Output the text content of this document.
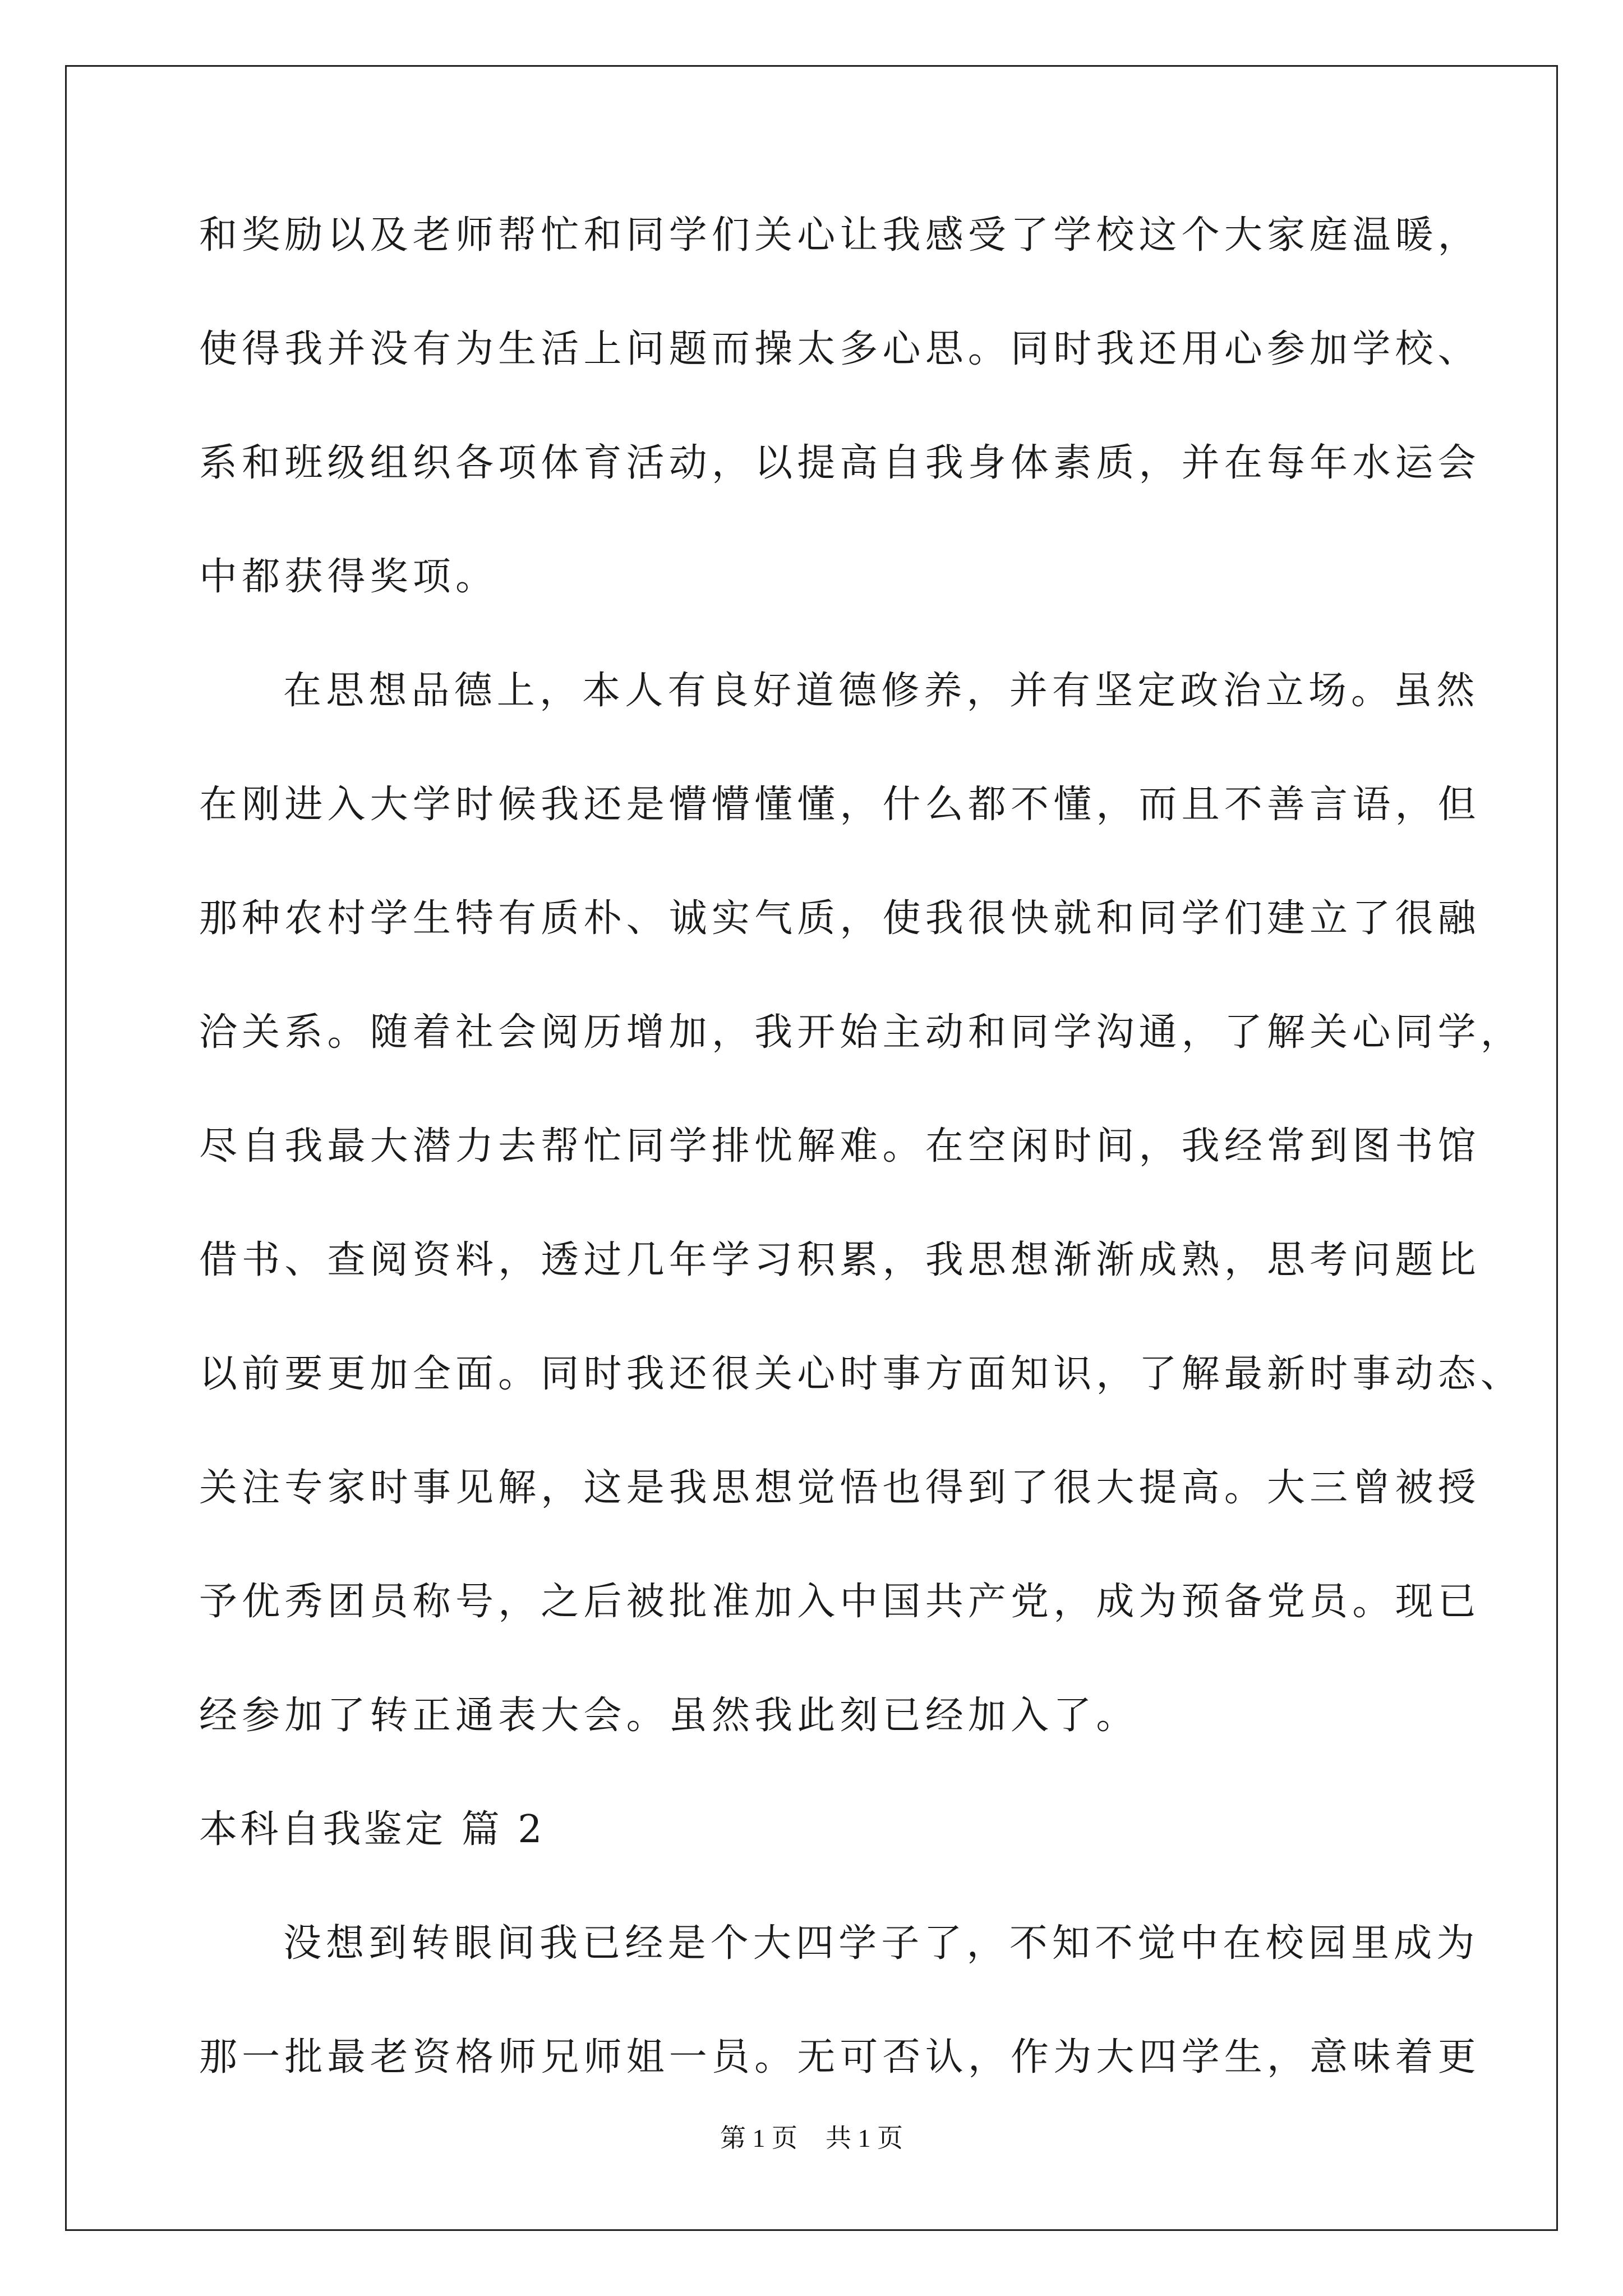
和奖励以及老师帮忙和同学们关心让我感受了学校这个大家庭温暖，
使得我并没有为生活上问题而操太多心思。同时我还用心参加学校、
系和班级组织各项体育活动，以提高自我身体素质，并在每年水运会
中都获得奖项。
在思想品德上，本人有良好道德修养，并有坚定政治立场。虽然
在刚进入大学时候我还是懵懵懂懂，什么都不懂，而且不善言语，但
那种农村学生特有质朴、诚实气质，使我很快就和同学们建立了很融
洽关系。随着社会阅历增加，我开始主动和同学沟通，了解关心同学，
尽自我最大潜力去帮忙同学排忧解难。在空闲时间，我经常到图书馆
借书、查阅资料，透过几年学习积累，我思想渐渐成熟，思考问题比
以前要更加全面。同时我还很关心时事方面知识，了解最新时事动态、
关注专家时事见解，这是我思想觉悟也得到了很大提高。大三曾被授
予优秀团员称号，之后被批准加入中国共产党，成为预备党员。现已
经参加了转正通表大会。虽然我此刻已经加入了。
本科自我鉴定 篇 2
没想到转眼间我已经是个大四学子了，不知不觉中在校园里成为
那一批最老资格师兄师姐一员。无可否认，作为大四学生，意味着更
第 1 页 共 1 页
